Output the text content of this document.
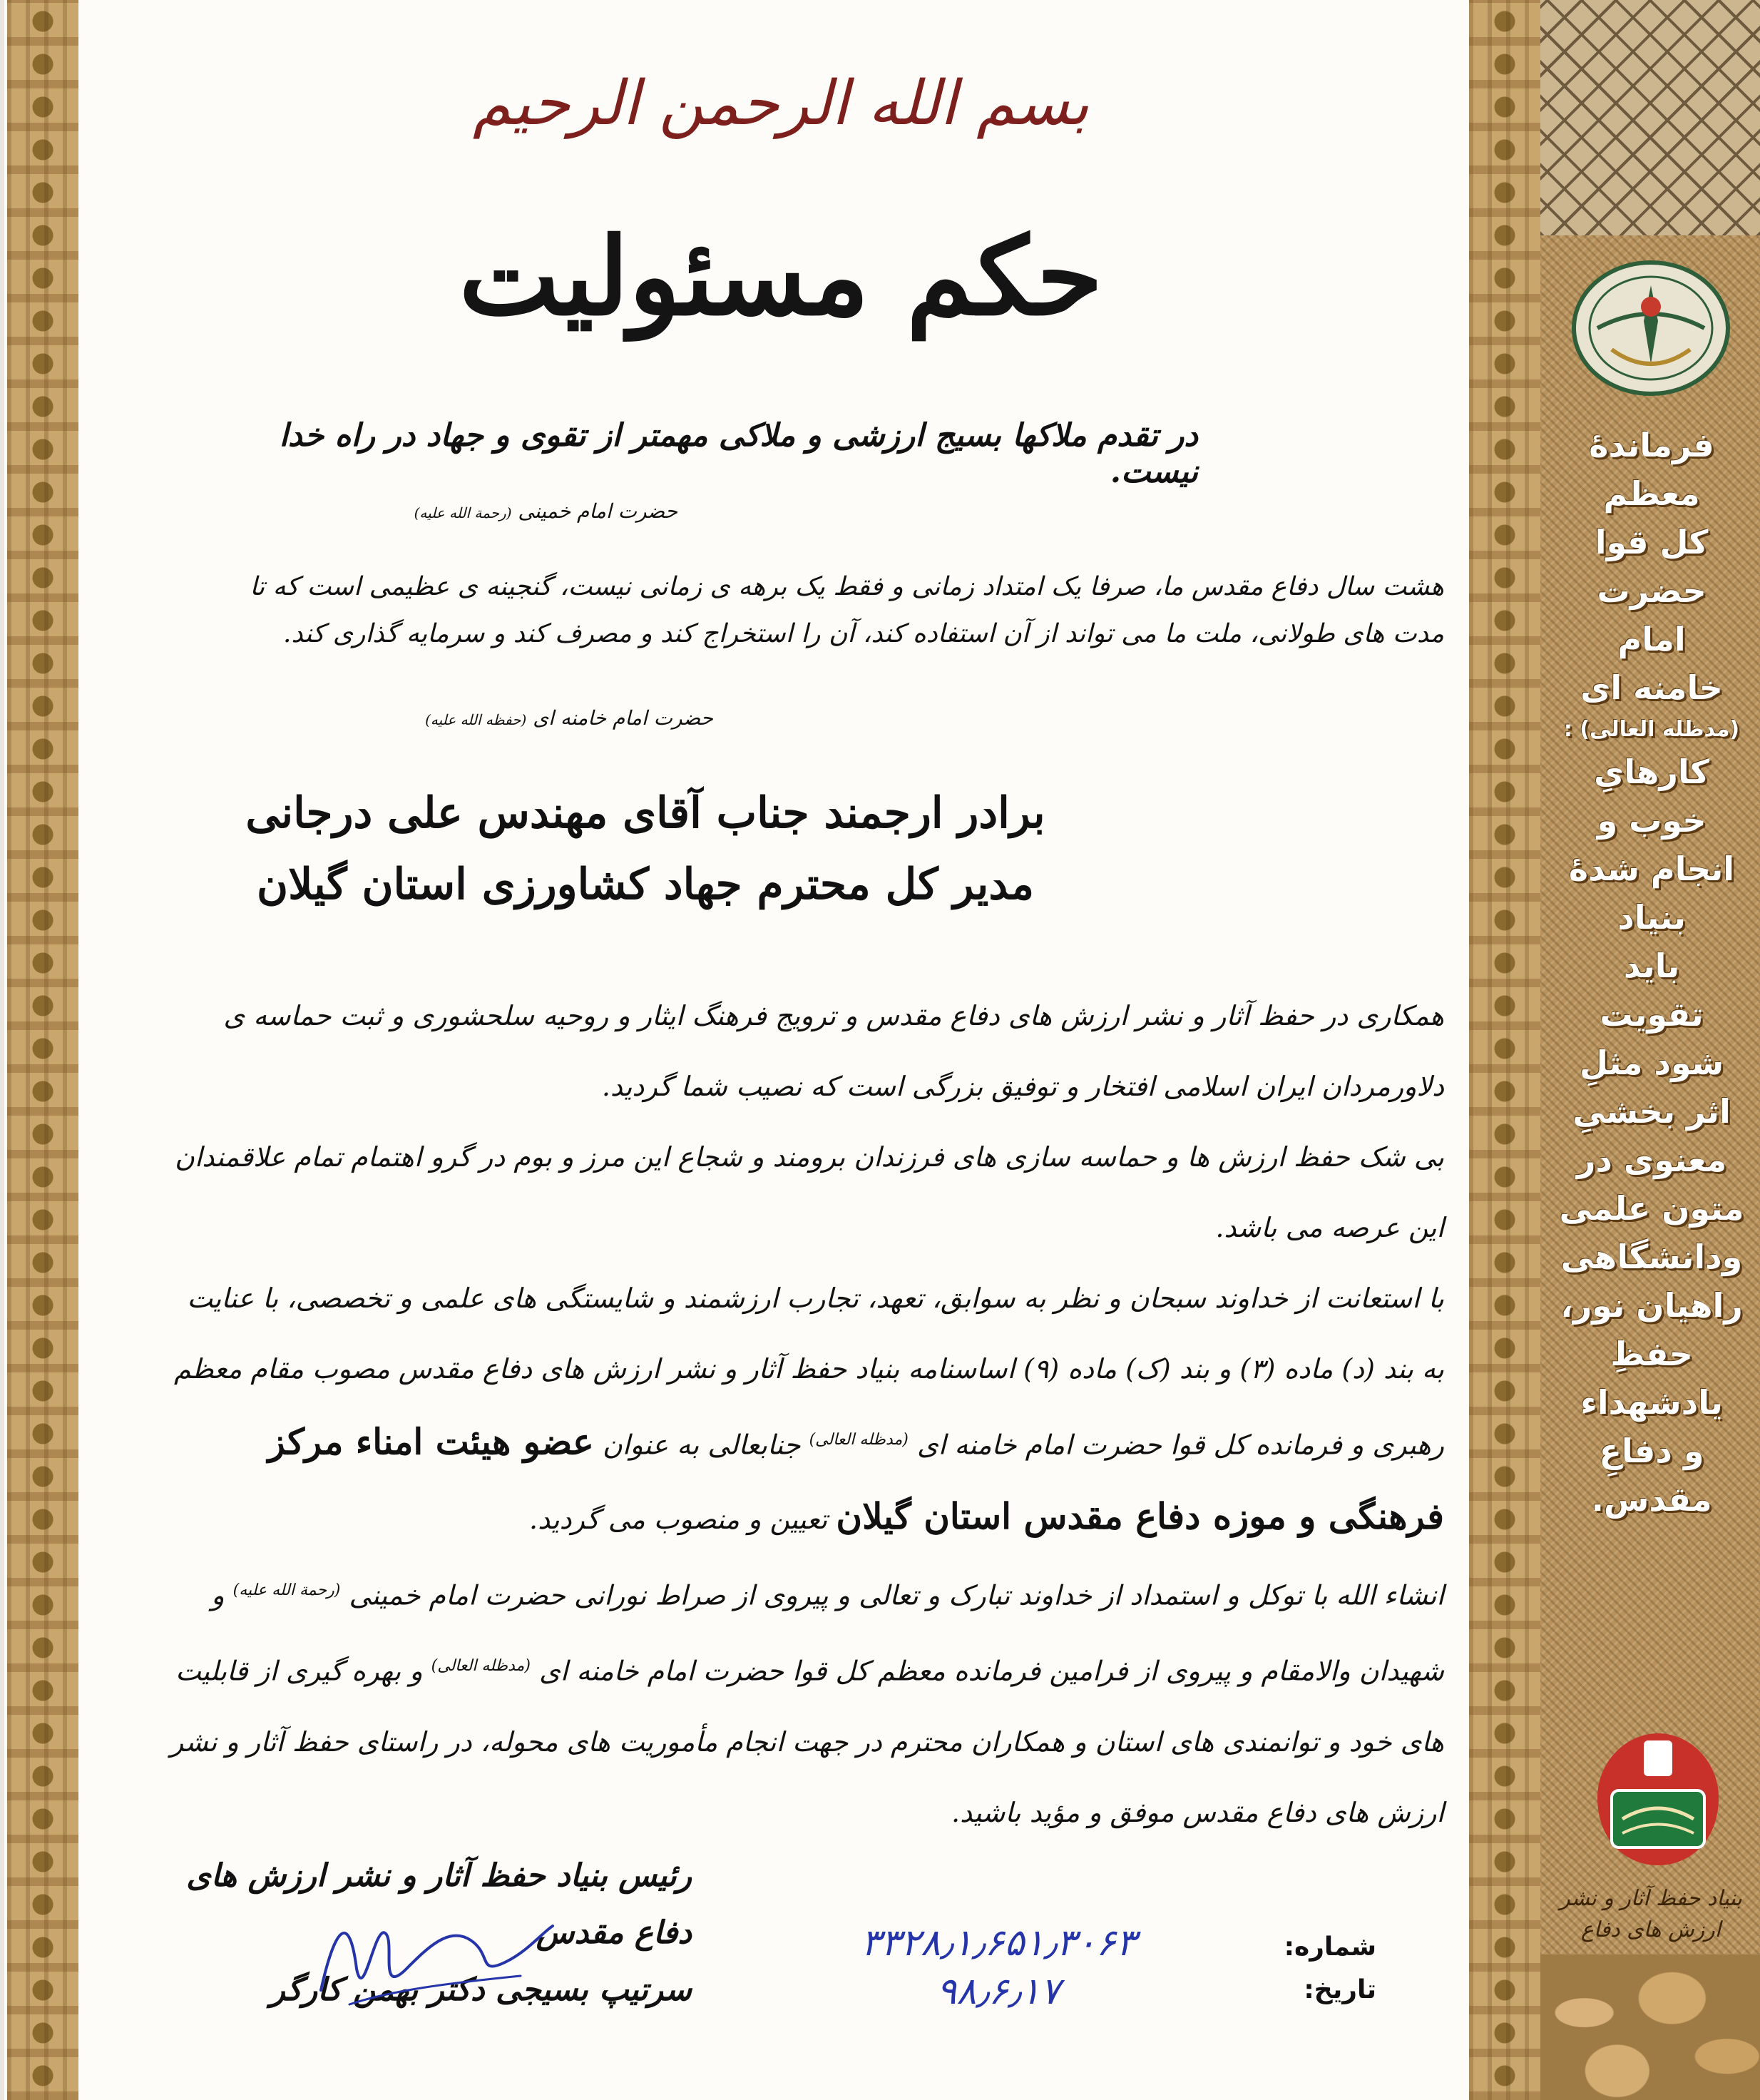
فرماندهٔ
معظم
کل قوا
حضرت
امام
خامنه ای
(مدظله العالی) :
کارهایِ
خوب و
انجام شدهٔ
بنیاد
باید
تقویت
شود مثلِ
اثر بخشیِ
معنوی در
متون علمی
ودانشگاهی
راهیان نور،
حفظِ
یادشهداء
و دفاعِ
مقدس.
بنیاد حفظ آثار و نشر ارزش های دفاع
بسم الله الرحمن الرحیم
حکم مسئولیت
در تقدم ملاکها بسیج ارزشی و ملاکی مهمتر از تقوی و جهاد در راه خدا نیست.
حضرت امام خمینی (رحمة الله علیه)
هشت سال دفاع مقدس ما، صرفا یک امتداد زمانی و فقط یک برهه ی زمانی نیست، گنجینه ی عظیمی است که تا مدت های طولانی، ملت ما می تواند از آن استفاده کند، آن را استخراج کند و مصرف کند و سرمایه گذاری کند.
حضرت امام خامنه ای (حفظه الله علیه)
برادر ارجمند جناب آقای مهندس علی درجانی
مدیر کل محترم جهاد کشاورزی استان گیلان
همکاری در حفظ آثار و نشر ارزش های دفاع مقدس و ترویج فرهنگ ایثار و روحیه سلحشوری و ثبت حماسه ی دلاورمردان ایران اسلامی افتخار و توفیق بزرگی است که نصیب شما گردید.
بی شک حفظ ارزش ها و حماسه سازی های فرزندان برومند و شجاع این مرز و بوم در گرو اهتمام تمام علاقمندان این عرصه می باشد.
با استعانت از خداوند سبحان و نظر به سوابق، تعهد، تجارب ارزشمند و شایستگی های علمی و تخصصی، با عنایت به بند (د) ماده (۳) و بند (ک) ماده (۹) اساسنامه بنیاد حفظ آثار و نشر ارزش های دفاع مقدس مصوب مقام معظم رهبری و فرمانده کل قوا حضرت امام خامنه ای $^{(مدظله العالی)}$ جنابعالی به عنوان عضو هیئت امناء مرکز فرهنگی و موزه دفاع مقدس استان گیلان تعیین و منصوب می گردید.
انشاء الله با توکل و استمداد از خداوند تبارک و تعالی و پیروی از صراط نورانی حضرت امام خمینی $^{(رحمة الله علیه)}$ و شهیدان والامقام و پیروی از فرامین فرمانده معظم کل قوا حضرت امام خامنه ای $^{(مدظله العالی)}$ و بهره گیری از قابلیت های خود و توانمندی های استان و همکاران محترم در جهت انجام مأموریت های محوله، در راستای حفظ آثار و نشر ارزش های دفاع مقدس موفق و مؤید باشید.
رئیس بنیاد حفظ آثار و نشر ارزش های دفاع مقدس
سرتیپ بسیجی دکتر بهمن کارگر
۳۳۲۸٫۱٫۶۵۱٫۳۰۶۳
۹۸٫۶٫۱۷
شماره:
تاریخ:
